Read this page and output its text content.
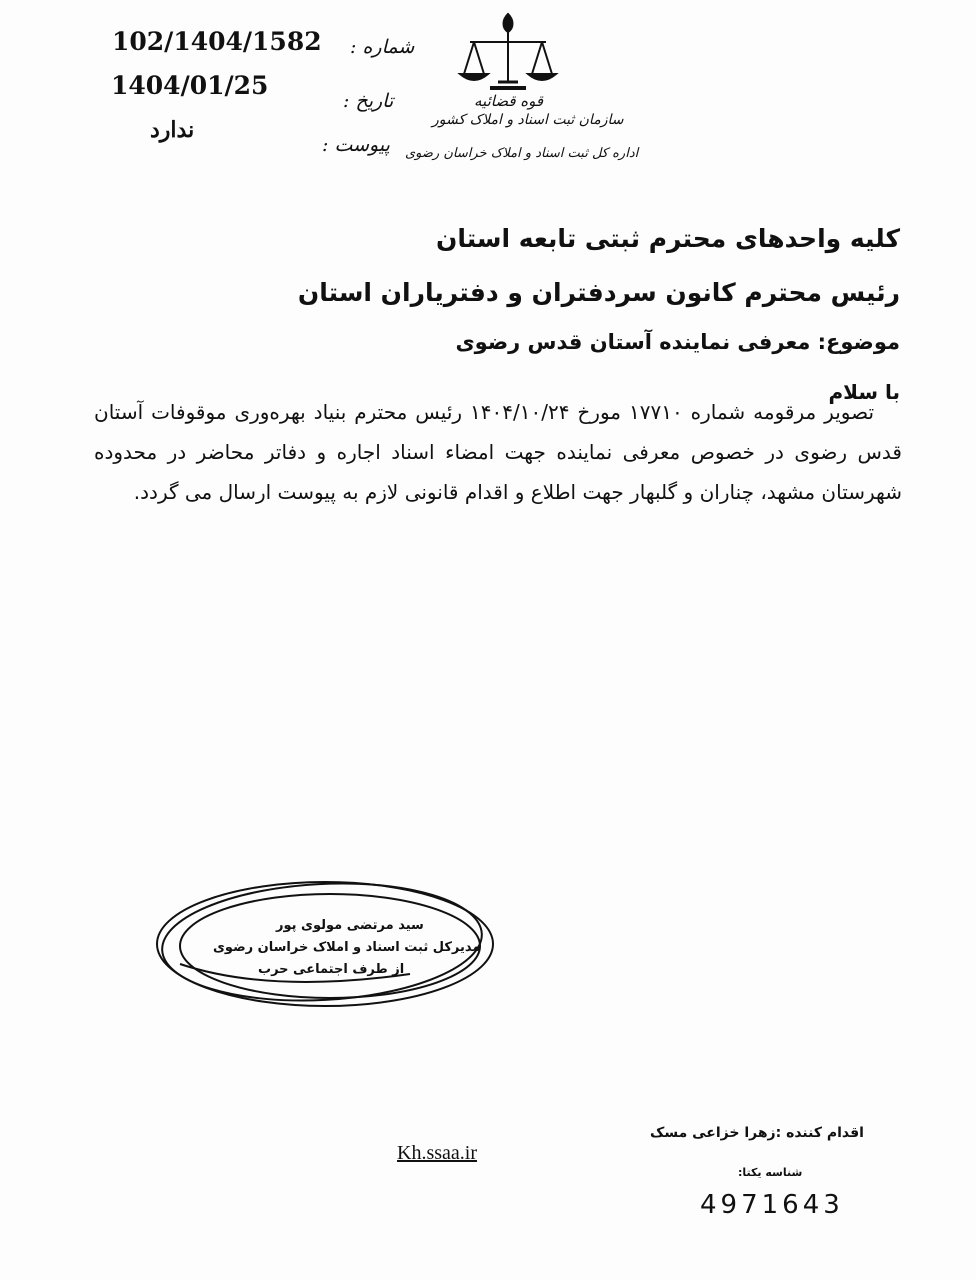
قوه قضائیه
سازمان ثبت اسناد و املاک کشور
اداره کل ثبت اسناد و املاک خراسان رضوی
شماره :
تاریخ :
پیوست :
102/1404/1582
1404/01/25
ندارد
کلیه واحدهای محترم ثبتی تابعه استان
رئیس محترم کانون سردفتران و دفترياران استان
موضوع: معرفی نماینده آستان قدس رضوی
با سلام

تصویر مرقومه شماره ۱۷۷۱۰ مورخ ۱۴۰۴/۱۰/۲۴ رئیس محترم بنیاد بهره‌وری موقوفات آستان قدس رضوی در خصوص معرفی نماینده جهت امضاء اسناد اجاره و دفاتر محاضر در محدوده شهرستان مشهد، چناران و گلبهار جهت اطلاع و اقدام قانونی لازم به پیوست ارسال می گردد.

سید مرتضی مولوی پور
مدیرکل ثبت اسناد و املاک خراسان رضوی
از طرف اجتماعی حرب
Kh.ssaa.ir
اقدام کننده :زهرا خزاعی مسک
شناسه یکتا:
4971643
